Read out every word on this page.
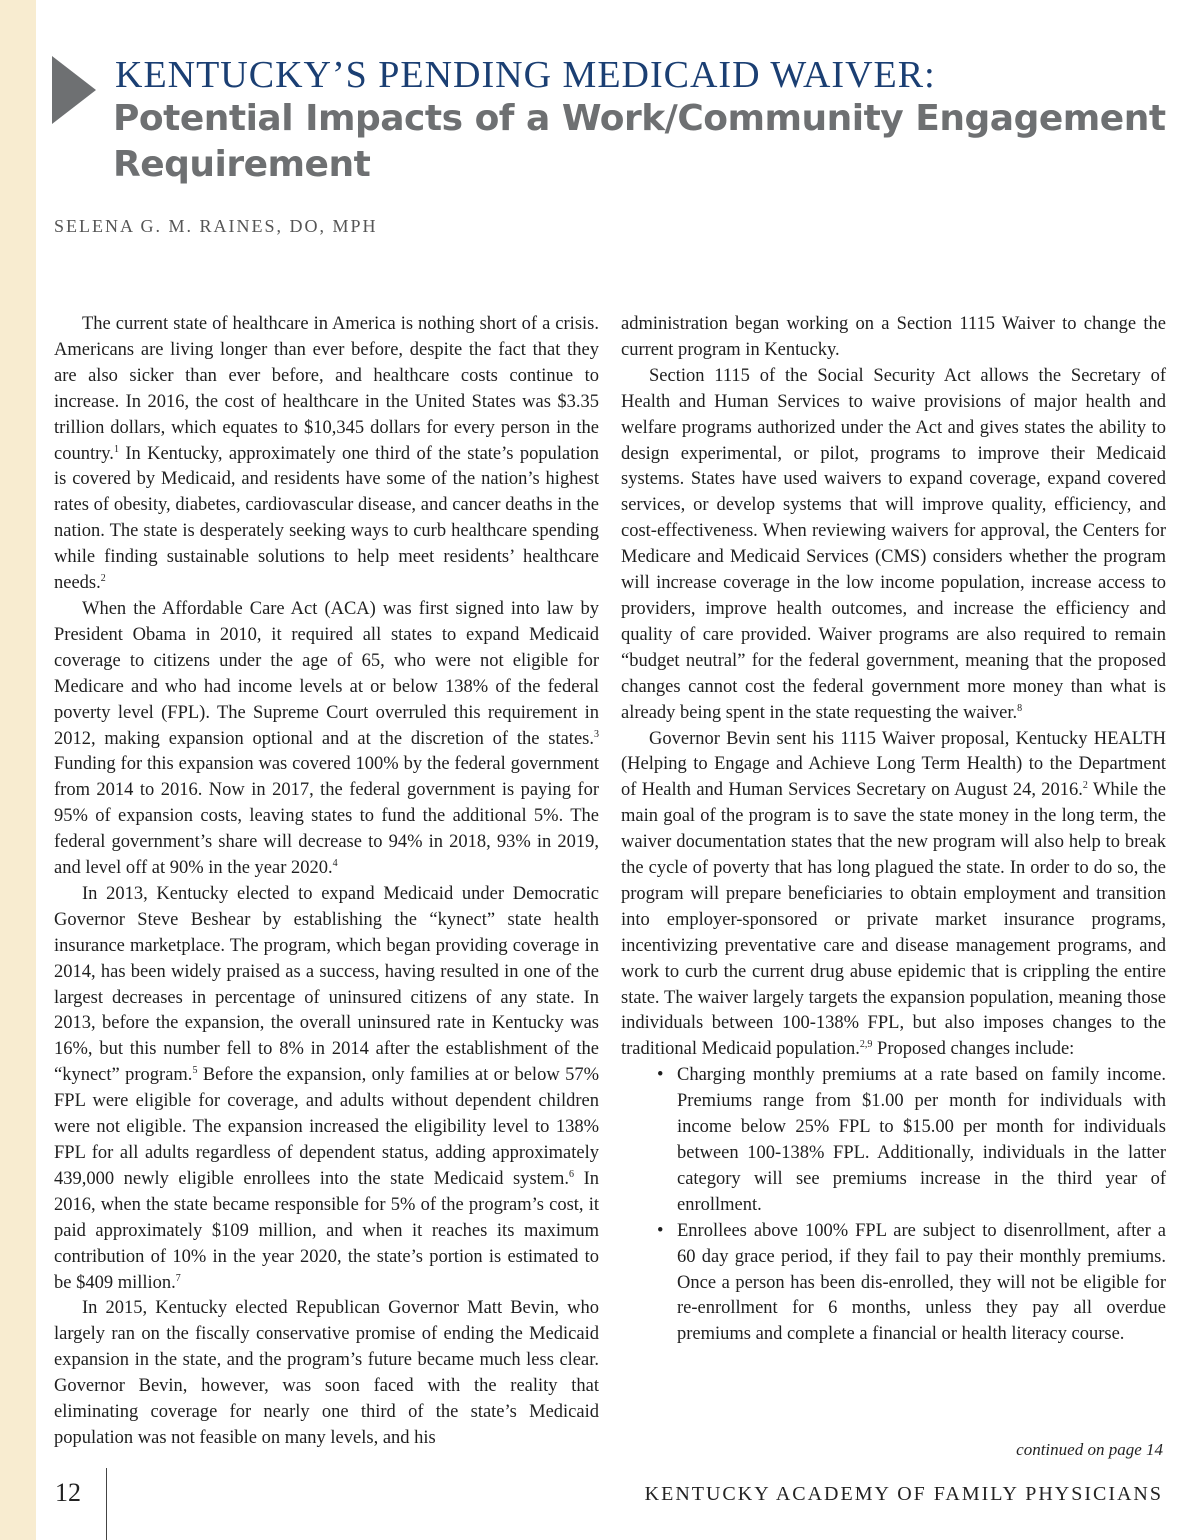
KENTUCKY’S PENDING MEDICAID WAIVER:
Potential Impacts of a Work/Community Engagement Requirement

SELENA G. M. RAINES, DO, MPH

The current state of healthcare in America is nothing short of a crisis. Americans are living longer than ever before, despite the fact that they are also sicker than ever before, and healthcare costs continue to increase. In 2016, the cost of healthcare in the United States was $3.35 trillion dollars, which equates to $10,345 dollars for every person in the country.$^1$ In Kentucky, approximately one third of the state’s population is covered by Medicaid, and residents have some of the nation’s highest rates of obesity, diabetes, cardiovascular disease, and cancer deaths in the nation. The state is desperately seeking ways to curb healthcare spending while finding sustainable solutions to help meet residents’ healthcare needs.$^2$

When the Affordable Care Act (ACA) was first signed into law by President Obama in 2010, it required all states to expand Medicaid coverage to citizens under the age of 65, who were not eligible for Medicare and who had income levels at or below 138% of the federal poverty level (FPL). The Supreme Court overruled this requirement in 2012, making expansion optional and at the discretion of the states.$^3$ Funding for this expansion was covered 100% by the federal government from 2014 to 2016. Now in 2017, the federal government is paying for 95% of expansion costs, leaving states to fund the additional 5%. The federal government’s share will decrease to 94% in 2018, 93% in 2019, and level off at 90% in the year 2020.$^4$

In 2013, Kentucky elected to expand Medicaid under Democratic Governor Steve Beshear by establishing the “kynect” state health insurance marketplace. The program, which began providing coverage in 2014, has been widely praised as a success, having resulted in one of the largest decreases in percentage of uninsured citizens of any state. In 2013, before the expansion, the overall uninsured rate in Kentucky was 16%, but this number fell to 8% in 2014 after the establishment of the “kynect” program.$^5$ Before the expansion, only families at or below 57% FPL were eligible for coverage, and adults without dependent children were not eligible. The expansion increased the eligibility level to 138% FPL for all adults regardless of dependent status, adding approximately 439,000 newly eligible enrollees into the state Medicaid system.$^6$ In 2016, when the state became responsible for 5% of the program’s cost, it paid approximately $109 million, and when it reaches its maximum contribution of 10% in the year 2020, the state’s portion is estimated to be $409 million.$^7$

In 2015, Kentucky elected Republican Governor Matt Bevin, who largely ran on the fiscally conservative promise of ending the Medicaid expansion in the state, and the program’s future became much less clear. Governor Bevin, however, was soon faced with the reality that eliminating coverage for nearly one third of the state’s Medicaid population was not feasible on many levels, and his

administration began working on a Section 1115 Waiver to change the current program in Kentucky.

Section 1115 of the Social Security Act allows the Secretary of Health and Human Services to waive provisions of major health and welfare programs authorized under the Act and gives states the ability to design experimental, or pilot, programs to improve their Medicaid systems. States have used waivers to expand coverage, expand covered services, or develop systems that will improve quality, efficiency, and cost-effectiveness. When reviewing waivers for approval, the Centers for Medicare and Medicaid Services (CMS) considers whether the program will increase coverage in the low income population, increase access to providers, improve health outcomes, and increase the efficiency and quality of care provided. Waiver programs are also required to remain “budget neutral” for the federal government, meaning that the proposed changes cannot cost the federal government more money than what is already being spent in the state requesting the waiver.$^8$

Governor Bevin sent his 1115 Waiver proposal, Kentucky HEALTH (Helping to Engage and Achieve Long Term Health) to the Department of Health and Human Services Secretary on August 24, 2016.$^2$ While the main goal of the program is to save the state money in the long term, the waiver documentation states that the new program will also help to break the cycle of poverty that has long plagued the state. In order to do so, the program will prepare beneficiaries to obtain employment and transition into employer-sponsored or private market insurance programs, incentivizing preventative care and disease management programs, and work to curb the current drug abuse epidemic that is crippling the entire state. The waiver largely targets the expansion population, meaning those individuals between 100-138% FPL, but also imposes changes to the traditional Medicaid population.$^{2,9}$ Proposed changes include:

• Charging monthly premiums at a rate based on family income. Premiums range from $1.00 per month for individuals with income below 25% FPL to $15.00 per month for individuals between 100-138% FPL. Additionally, individuals in the latter category will see premiums increase in the third year of enrollment.
• Enrollees above 100% FPL are subject to disenrollment, after a 60 day grace period, if they fail to pay their monthly premiums. Once a person has been dis-enrolled, they will not be eligible for re-enrollment for 6 months, unless they pay all overdue premiums and complete a financial or health literacy course.

continued on page 14

12	KENTUCKY ACADEMY OF FAMILY PHYSICIANS
